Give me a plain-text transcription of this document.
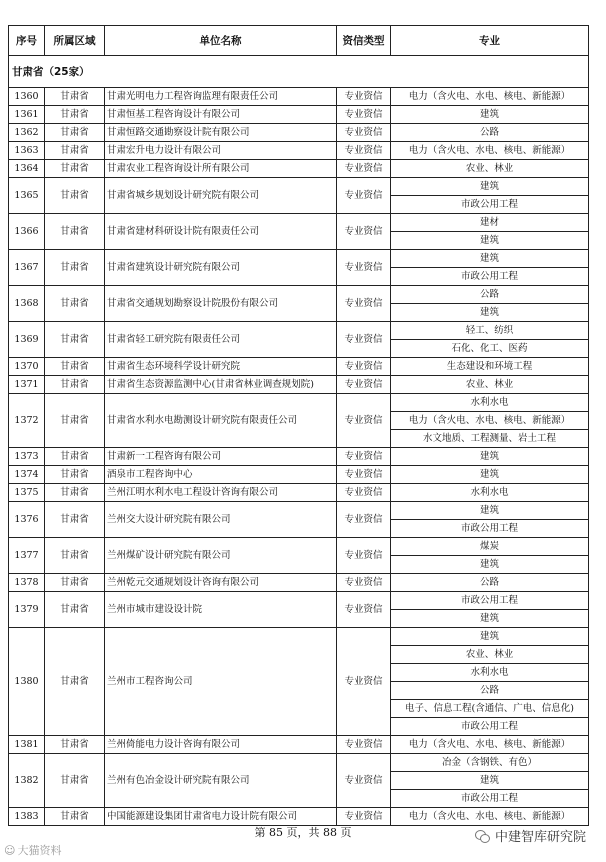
序号	所属区域	单位名称	资信类型	专业
甘肃省（25家）				
1360	甘肃省	甘肃光明电力工程咨询监理有限责任公司	专业资信	电力（含火电、水电、核电、新能源）
1361	甘肃省	甘肃恒基工程咨询设计有限公司	专业资信	建筑
1362	甘肃省	甘肃恒路交通勘察设计院有限公司	专业资信	公路
1363	甘肃省	甘肃宏升电力设计有限公司	专业资信	电力（含火电、水电、核电、新能源）
1364	甘肃省	甘肃农业工程咨询设计所有限公司	专业资信	农业、林业
1365	甘肃省	甘肃省城乡规划设计研究院有限公司	专业资信	建筑
				市政公用工程
1366	甘肃省	甘肃省建材科研设计院有限责任公司	专业资信	建材
				建筑
1367	甘肃省	甘肃省建筑设计研究院有限公司	专业资信	建筑
				市政公用工程
1368	甘肃省	甘肃省交通规划勘察设计院股份有限公司	专业资信	公路
				建筑
1369	甘肃省	甘肃省轻工研究院有限责任公司	专业资信	轻工、纺织
				石化、化工、医药
1370	甘肃省	甘肃省生态环境科学设计研究院	专业资信	生态建设和环境工程
1371	甘肃省	甘肃省生态资源监测中心(甘肃省林业调查规划院)	专业资信	农业、林业
1372	甘肃省	甘肃省水利水电勘测设计研究院有限责任公司	专业资信	水利水电
				电力（含火电、水电、核电、新能源）
				水文地质、工程测量、岩土工程
1373	甘肃省	甘肃新一工程咨询有限公司	专业资信	建筑
1374	甘肃省	酒泉市工程咨询中心	专业资信	建筑
1375	甘肃省	兰州江明水利水电工程设计咨询有限公司	专业资信	水利水电
1376	甘肃省	兰州交大设计研究院有限公司	专业资信	建筑
				市政公用工程
1377	甘肃省	兰州煤矿设计研究院有限公司	专业资信	煤炭
				建筑
1378	甘肃省	兰州乾元交通规划设计咨询有限公司	专业资信	公路
1379	甘肃省	兰州市城市建设设计院	专业资信	市政公用工程
				建筑
1380	甘肃省	兰州市工程咨询公司	专业资信	建筑
				农业、林业
				水利水电
				公路
				电子、信息工程(含通信、广电、信息化)
				市政公用工程
1381	甘肃省	兰州倚能电力设计咨询有限公司	专业资信	电力（含火电、水电、核电、新能源）
1382	甘肃省	兰州有色冶金设计研究院有限公司	专业资信	冶金（含钢铁、有色）
				建筑
				市政公用工程
1383	甘肃省	中国能源建设集团甘肃省电力设计院有限公司	专业资信	电力（含火电、水电、核电、新能源）
第 85 页，共 88 页	中建智库研究院
☺ 大猫资料
